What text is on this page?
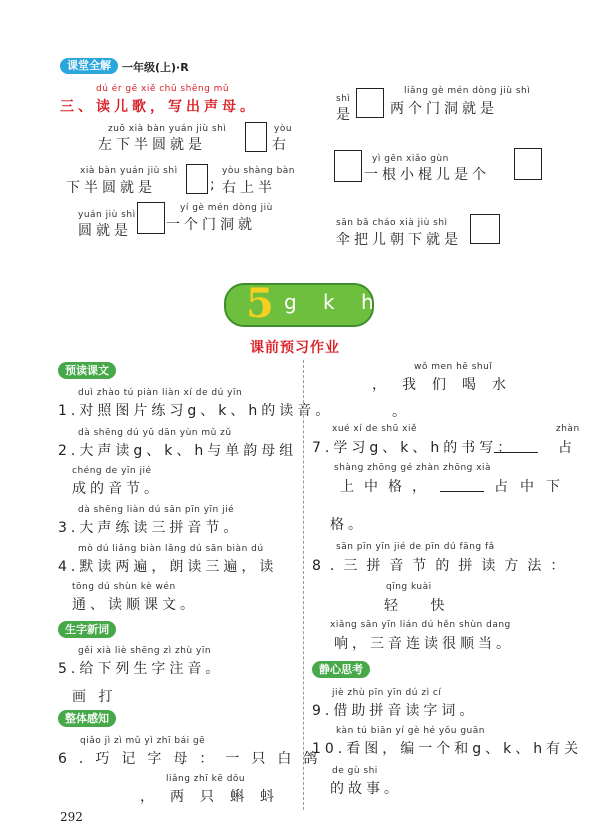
课堂全解	一年级(上)·R
dú ér gē xiě chū shēng mǔ
三、读儿歌，写出声母。
zuǒ xià bàn yuán jiù shì
左下半圆就是
yòu
右
xià bàn yuán jiù shì
下半圆就是	;
yòu shàng bàn
右上半
yuán jiù shì
圆就是
yí gè mén dòng jiù
一个门洞就
shì
是
liǎng gè mén dòng jiù shì
两个门洞就是
yì gēn xiǎo gùn
一根小棍儿是个
sān bǎ cháo xià jiù shì
伞把儿朝下就是
5 g k h
课前预习作业
预读课文
duì zhào tú piàn liàn xí de dú yīn
1.对照图片练习g、k、h的读音。
dà shēng dú yǔ dān yùn mǔ zǔ
2.大声读g、k、h与单韵母组
chéng de yīn jié
成的音节。
dà shēng liàn dú sān pīn yīn jié
3.大声练读三拼音节。
mò dú liǎng biàn lǎng dú sān biàn dú
4.默读两遍，朗读三遍，读
tōng dú shùn kè wén
通、读顺课文。
生字新词
gěi xià liè shēng zì zhù yīn
5.给下列生字注音。
画 打
整体感知
qiǎo jì zì mǔ yì zhī bái gē
6.巧记字母：一只白鸽
liǎng zhī kē dǒu
，两只蝌蚪
wǒ men hē shuǐ
，我们喝水
。
xué xí de shū xiě
7.学习g、k、h的书写：
zhàn
占
shàng zhōng gé zhàn zhōng xià
上中格，	占中下
格。
sān pīn yīn jié de pīn dú fāng fǎ
8.三拼音节的拼读方法：
qīng kuài
轻 快
xiǎng sān yīn lián dú hěn shùn dang
响，三音连读很顺当。
静心思考
jiè zhù pīn yīn dú zì cí
9.借助拼音读字词。
kàn tú biān yí gè hé yǒu guān
10.看图，编一个和g、k、h有关
de gù shi
的故事。
292
